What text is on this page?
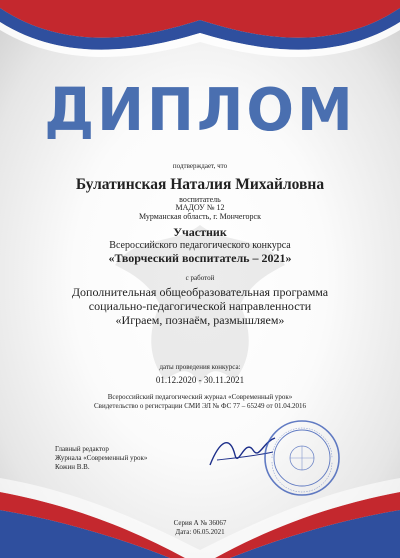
ДИПЛОМ
подтверждает, что
Булатинская Наталия Михайловна
воспитатель
МАДОУ № 12
Мурманская область, г. Мончегорск
Участник
Всероссийского педагогического конкурса
«Творческий воспитатель – 2021»
с работой
Дополнительная общеобразовательная программа
социально-педагогической направленности
«Играем, познаём, размышляем»
даты проведения конкурса:
01.12.2020 - 30.11.2021
Всероссийский педагогический журнал «Современный урок»
Свидетельство о регистрации СМИ ЭЛ № ФС 77 – 65249 от 01.04.2016
Главный редактор
Журнала «Современный урок»
Кожин В.В.
Серия А № 36067
Дата: 06.05.2021
